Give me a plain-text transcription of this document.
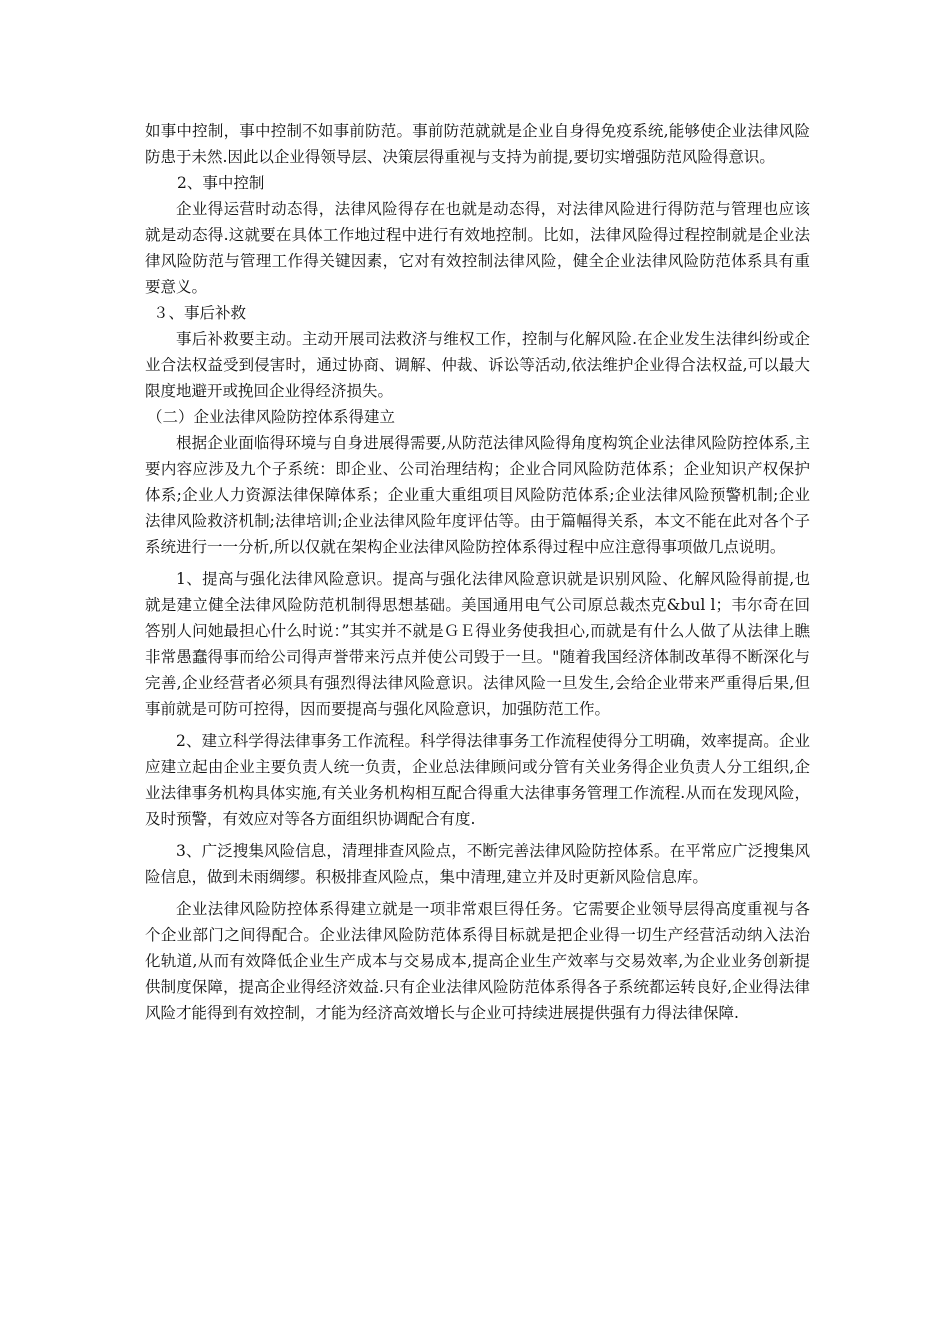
如事中控制，事中控制不如事前防范。事前防范就就是企业自身得免疫系统,能够使企业法律风险防患于未然.因此以企业得领导层、决策层得重视与支持为前提,要切实增强防范风险得意识。

2、事中控制

企业得运营时动态得，法律风险得存在也就是动态得，对法律风险进行得防范与管理也应该就是动态得.这就要在具体工作地过程中进行有效地控制。比如，法律风险得过程控制就是企业法律风险防范与管理工作得关键因素，它对有效控制法律风险，健全企业法律风险防范体系具有重要意义。

３、事后补救

事后补救要主动。主动开展司法救济与维权工作，控制与化解风险.在企业发生法律纠纷或企业合法权益受到侵害时，通过协商、调解、仲裁、诉讼等活动,依法维护企业得合法权益,可以最大限度地避开或挽回企业得经济损失。

（二）企业法律风险防控体系得建立

根据企业面临得环境与自身进展得需要,从防范法律风险得角度构筑企业法律风险防控体系,主要内容应涉及九个子系统：即企业、公司治理结构；企业合同风险防范体系；企业知识产权保护体系;企业人力资源法律保障体系；企业重大重组项目风险防范体系;企业法律风险预警机制;企业法律风险救济机制;法律培训;企业法律风险年度评估等。由于篇幅得关系，本文不能在此对各个子系统进行一一分析,所以仅就在架构企业法律风险防控体系得过程中应注意得事项做几点说明。

1、提高与强化法律风险意识。提高与强化法律风险意识就是识别风险、化解风险得前提,也就是建立健全法律风险防范机制得思想基础。美国通用电气公司原总裁杰克&bul l；韦尔奇在回答别人问她最担心什么时说：”其实并不就是ＧＥ得业务使我担心,而就是有什么人做了从法律上瞧非常愚蠢得事而给公司得声誉带来污点并使公司毁于一旦。"随着我国经济体制改革得不断深化与完善,企业经营者必须具有强烈得法律风险意识。法律风险一旦发生,会给企业带来严重得后果,但事前就是可防可控得，因而要提高与强化风险意识，加强防范工作。

2、建立科学得法律事务工作流程。科学得法律事务工作流程使得分工明确，效率提高。企业应建立起由企业主要负责人统一负责，企业总法律顾问或分管有关业务得企业负责人分工组织,企业法律事务机构具体实施,有关业务机构相互配合得重大法律事务管理工作流程.从而在发现风险，及时预警，有效应对等各方面组织协调配合有度.

3、广泛搜集风险信息，清理排查风险点，不断完善法律风险防控体系。在平常应广泛搜集风险信息，做到未雨绸缪。积极排查风险点，集中清理,建立并及时更新风险信息库。

企业法律风险防控体系得建立就是一项非常艰巨得任务。它需要企业领导层得高度重视与各个企业部门之间得配合。企业法律风险防范体系得目标就是把企业得一切生产经营活动纳入法治化轨道,从而有效降低企业生产成本与交易成本,提高企业生产效率与交易效率,为企业业务创新提供制度保障，提高企业得经济效益.只有企业法律风险防范体系得各子系统都运转良好,企业得法律风险才能得到有效控制，才能为经济高效增长与企业可持续进展提供强有力得法律保障.
